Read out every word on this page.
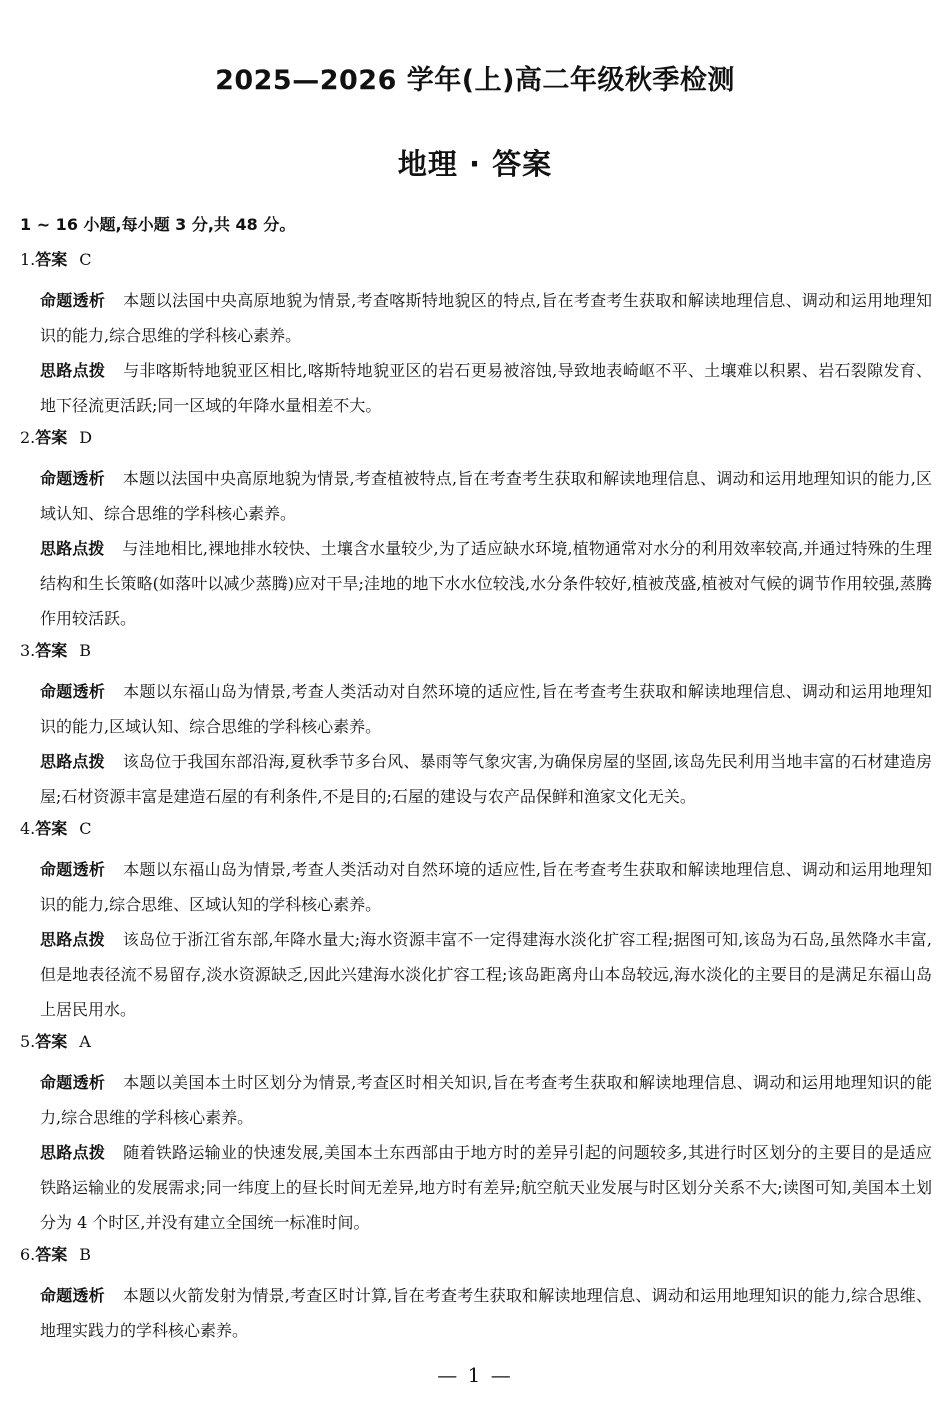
2025—2026 学年(上)高二年级秋季检测
地理 · 答案
1 ~ 16 小题,每小题 3 分,共 48 分。
1.答案 C
命题透析 本题以法国中央高原地貌为情景,考查喀斯特地貌区的特点,旨在考查考生获取和解读地理信息、调动和运用地理知识的能力,综合思维的学科核心素养。
思路点拨 与非喀斯特地貌亚区相比,喀斯特地貌亚区的岩石更易被溶蚀,导致地表崎岖不平、土壤难以积累、岩石裂隙发育、地下径流更活跃;同一区域的年降水量相差不大。
2.答案 D
命题透析 本题以法国中央高原地貌为情景,考查植被特点,旨在考查考生获取和解读地理信息、调动和运用地理知识的能力,区域认知、综合思维的学科核心素养。
思路点拨 与洼地相比,裸地排水较快、土壤含水量较少,为了适应缺水环境,植物通常对水分的利用效率较高,并通过特殊的生理结构和生长策略(如落叶以减少蒸腾)应对干旱;洼地的地下水水位较浅,水分条件较好,植被茂盛,植被对气候的调节作用较强,蒸腾作用较活跃。
3.答案 B
命题透析 本题以东福山岛为情景,考查人类活动对自然环境的适应性,旨在考查考生获取和解读地理信息、调动和运用地理知识的能力,区域认知、综合思维的学科核心素养。
思路点拨 该岛位于我国东部沿海,夏秋季节多台风、暴雨等气象灾害,为确保房屋的坚固,该岛先民利用当地丰富的石材建造房屋;石材资源丰富是建造石屋的有利条件,不是目的;石屋的建设与农产品保鲜和渔家文化无关。
4.答案 C
命题透析 本题以东福山岛为情景,考查人类活动对自然环境的适应性,旨在考查考生获取和解读地理信息、调动和运用地理知识的能力,综合思维、区域认知的学科核心素养。
思路点拨 该岛位于浙江省东部,年降水量大;海水资源丰富不一定得建海水淡化扩容工程;据图可知,该岛为石岛,虽然降水丰富,但是地表径流不易留存,淡水资源缺乏,因此兴建海水淡化扩容工程;该岛距离舟山本岛较远,海水淡化的主要目的是满足东福山岛上居民用水。
5.答案 A
命题透析 本题以美国本土时区划分为情景,考查区时相关知识,旨在考查考生获取和解读地理信息、调动和运用地理知识的能力,综合思维的学科核心素养。
思路点拨 随着铁路运输业的快速发展,美国本土东西部由于地方时的差异引起的问题较多,其进行时区划分的主要目的是适应铁路运输业的发展需求;同一纬度上的昼长时间无差异,地方时有差异;航空航天业发展与时区划分关系不大;读图可知,美国本土划分为 4 个时区,并没有建立全国统一标准时间。
6.答案 B
命题透析 本题以火箭发射为情景,考查区时计算,旨在考查考生获取和解读地理信息、调动和运用地理知识的能力,综合思维、地理实践力的学科核心素养。
— 1 —
